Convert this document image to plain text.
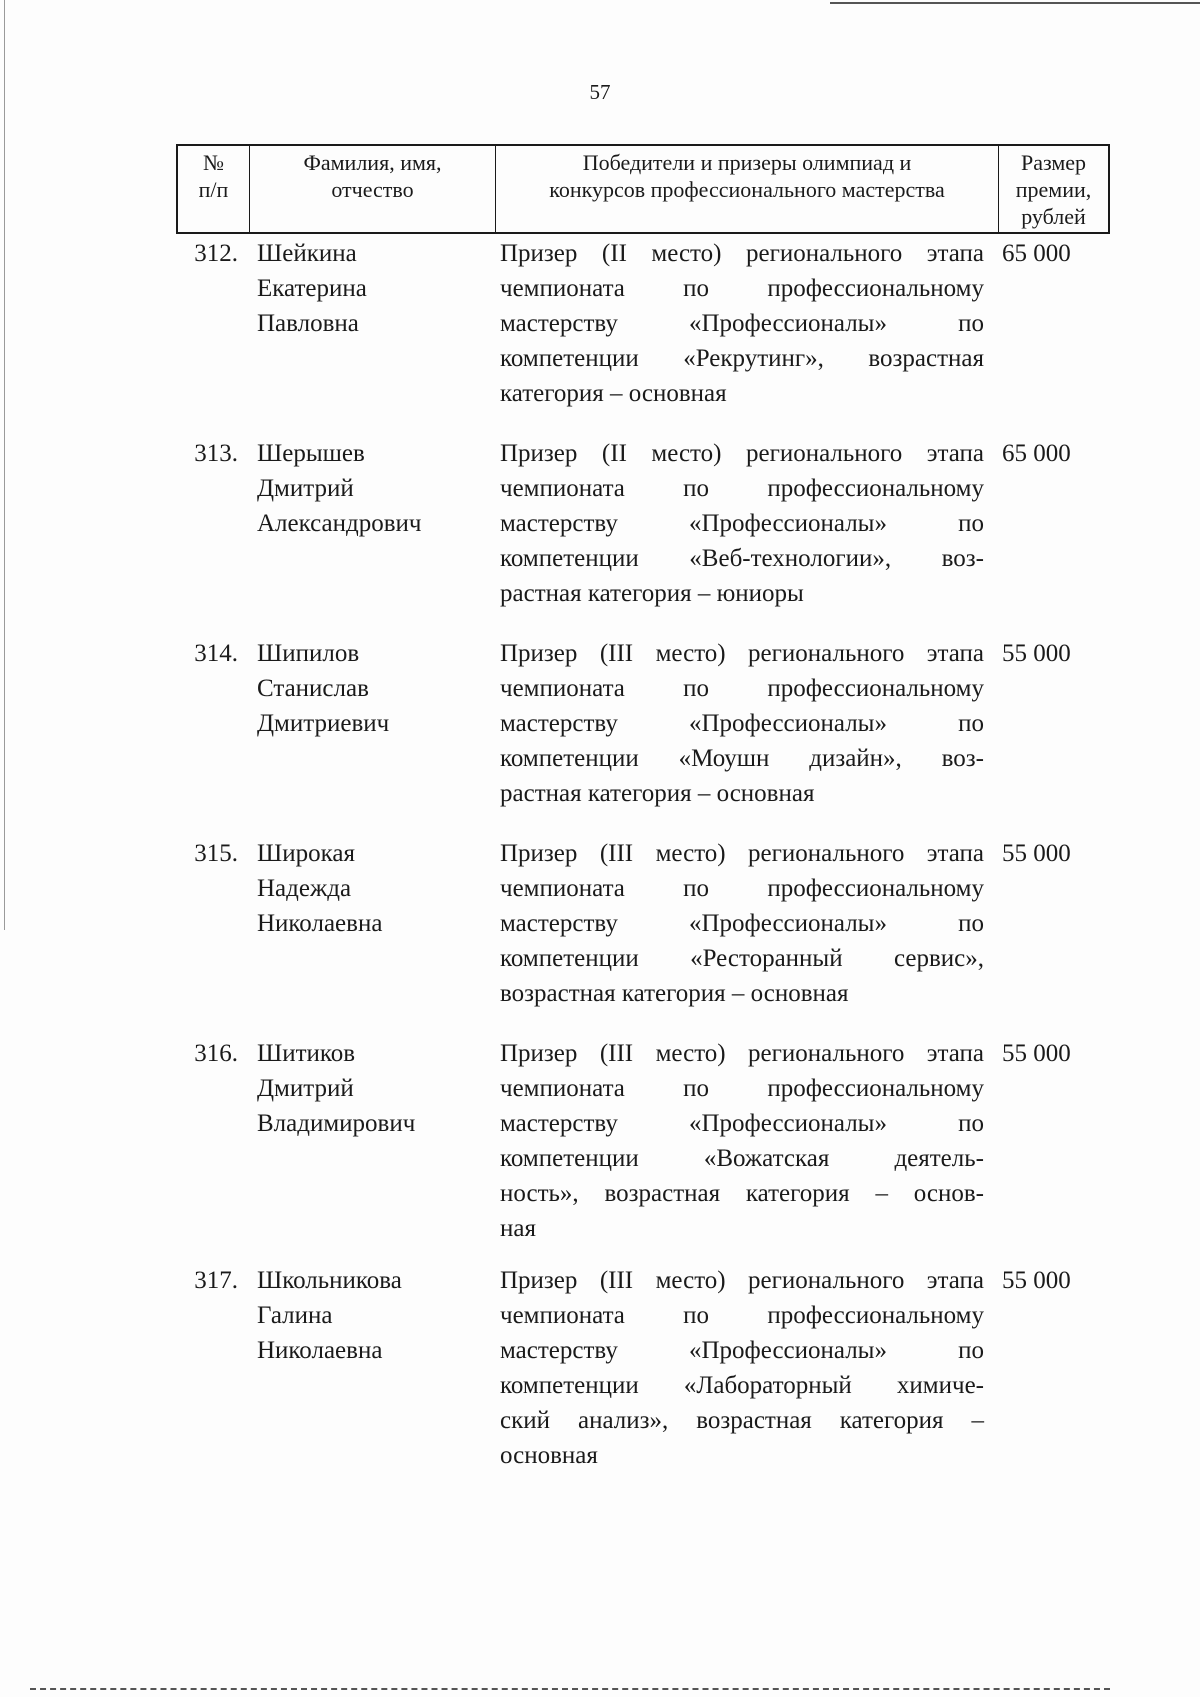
57
№
п/п
Фамилия, имя,
отчество
Победители и призеры олимпиад и
конкурсов профессионального мастерства
Размер
премии,
рублей
312. Шейкина
Екатерина
Павловна
Призер (II место) регионального этапа
чемпионата по профессиональному
мастерству «Профессионалы» по
компетенции «Рекрутинг», возрастная
категория – основная
65 000
313. Шерышев
Дмитрий
Александрович
Призер (II место) регионального этапа
чемпионата по профессиональному
мастерству «Профессионалы» по
компетенции «Веб-технологии», воз-
растная категория – юниоры
65 000
314. Шипилов
Станислав
Дмитриевич
Призер (III место) регионального этапа
чемпионата по профессиональному
мастерству «Профессионалы» по
компетенции «Моушн дизайн», воз-
растная категория – основная
55 000
315. Широкая
Надежда
Николаевна
Призер (III место) регионального этапа
чемпионата по профессиональному
мастерству «Профессионалы» по
компетенции «Ресторанный сервис»,
возрастная категория – основная
55 000
316. Шитиков
Дмитрий
Владимирович
Призер (III место) регионального этапа
чемпионата по профессиональному
мастерству «Профессионалы» по
компетенции «Вожатская деятель-
ность», возрастная категория – основ-
ная
55 000
317. Школьникова
Галина
Николаевна
Призер (III место) регионального этапа
чемпионата по профессиональному
мастерству «Профессионалы» по
компетенции «Лабораторный химиче-
ский анализ», возрастная категория –
основная
55 000
